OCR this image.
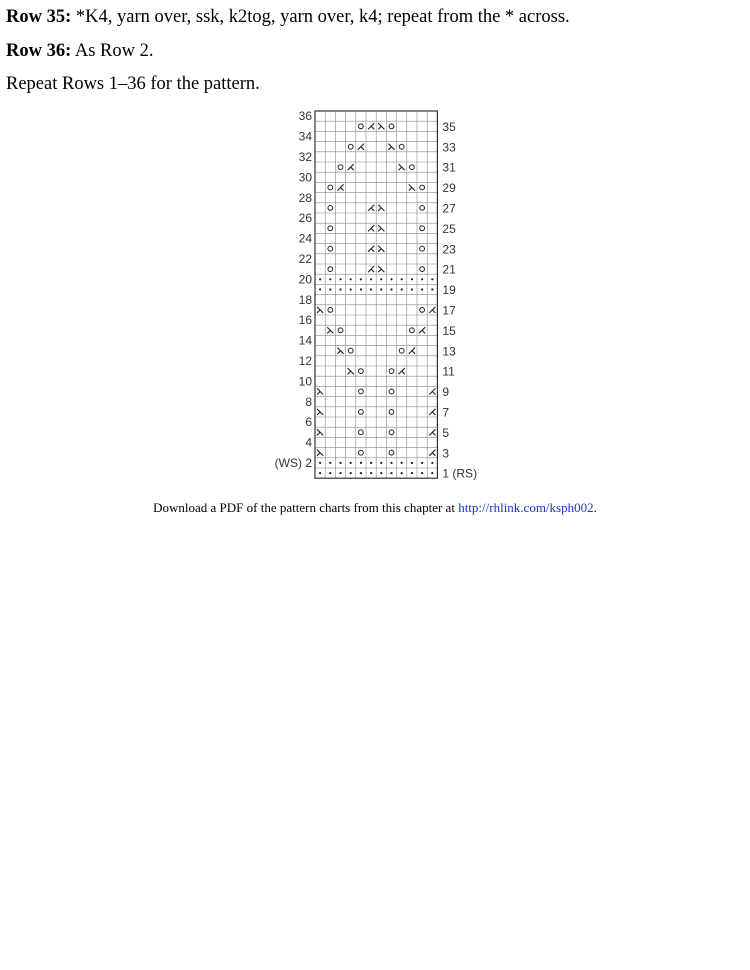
Row 35: *K4, yarn over, ssk, k2tog, yarn over, k4; repeat from the * across.

Row 36: As Row 2.

Repeat Rows 1–36 for the pattern.

36
34
32
30
28
26
24
22
20
18
16
14
12
10
8
6
4
(WS) 2
35
33
31
29
27
25
23
21
19
17
15
13
11
9
7
5
3
1 (RS)
Download a PDF of the pattern charts from this chapter at http://rhlink.com/ksph002.
